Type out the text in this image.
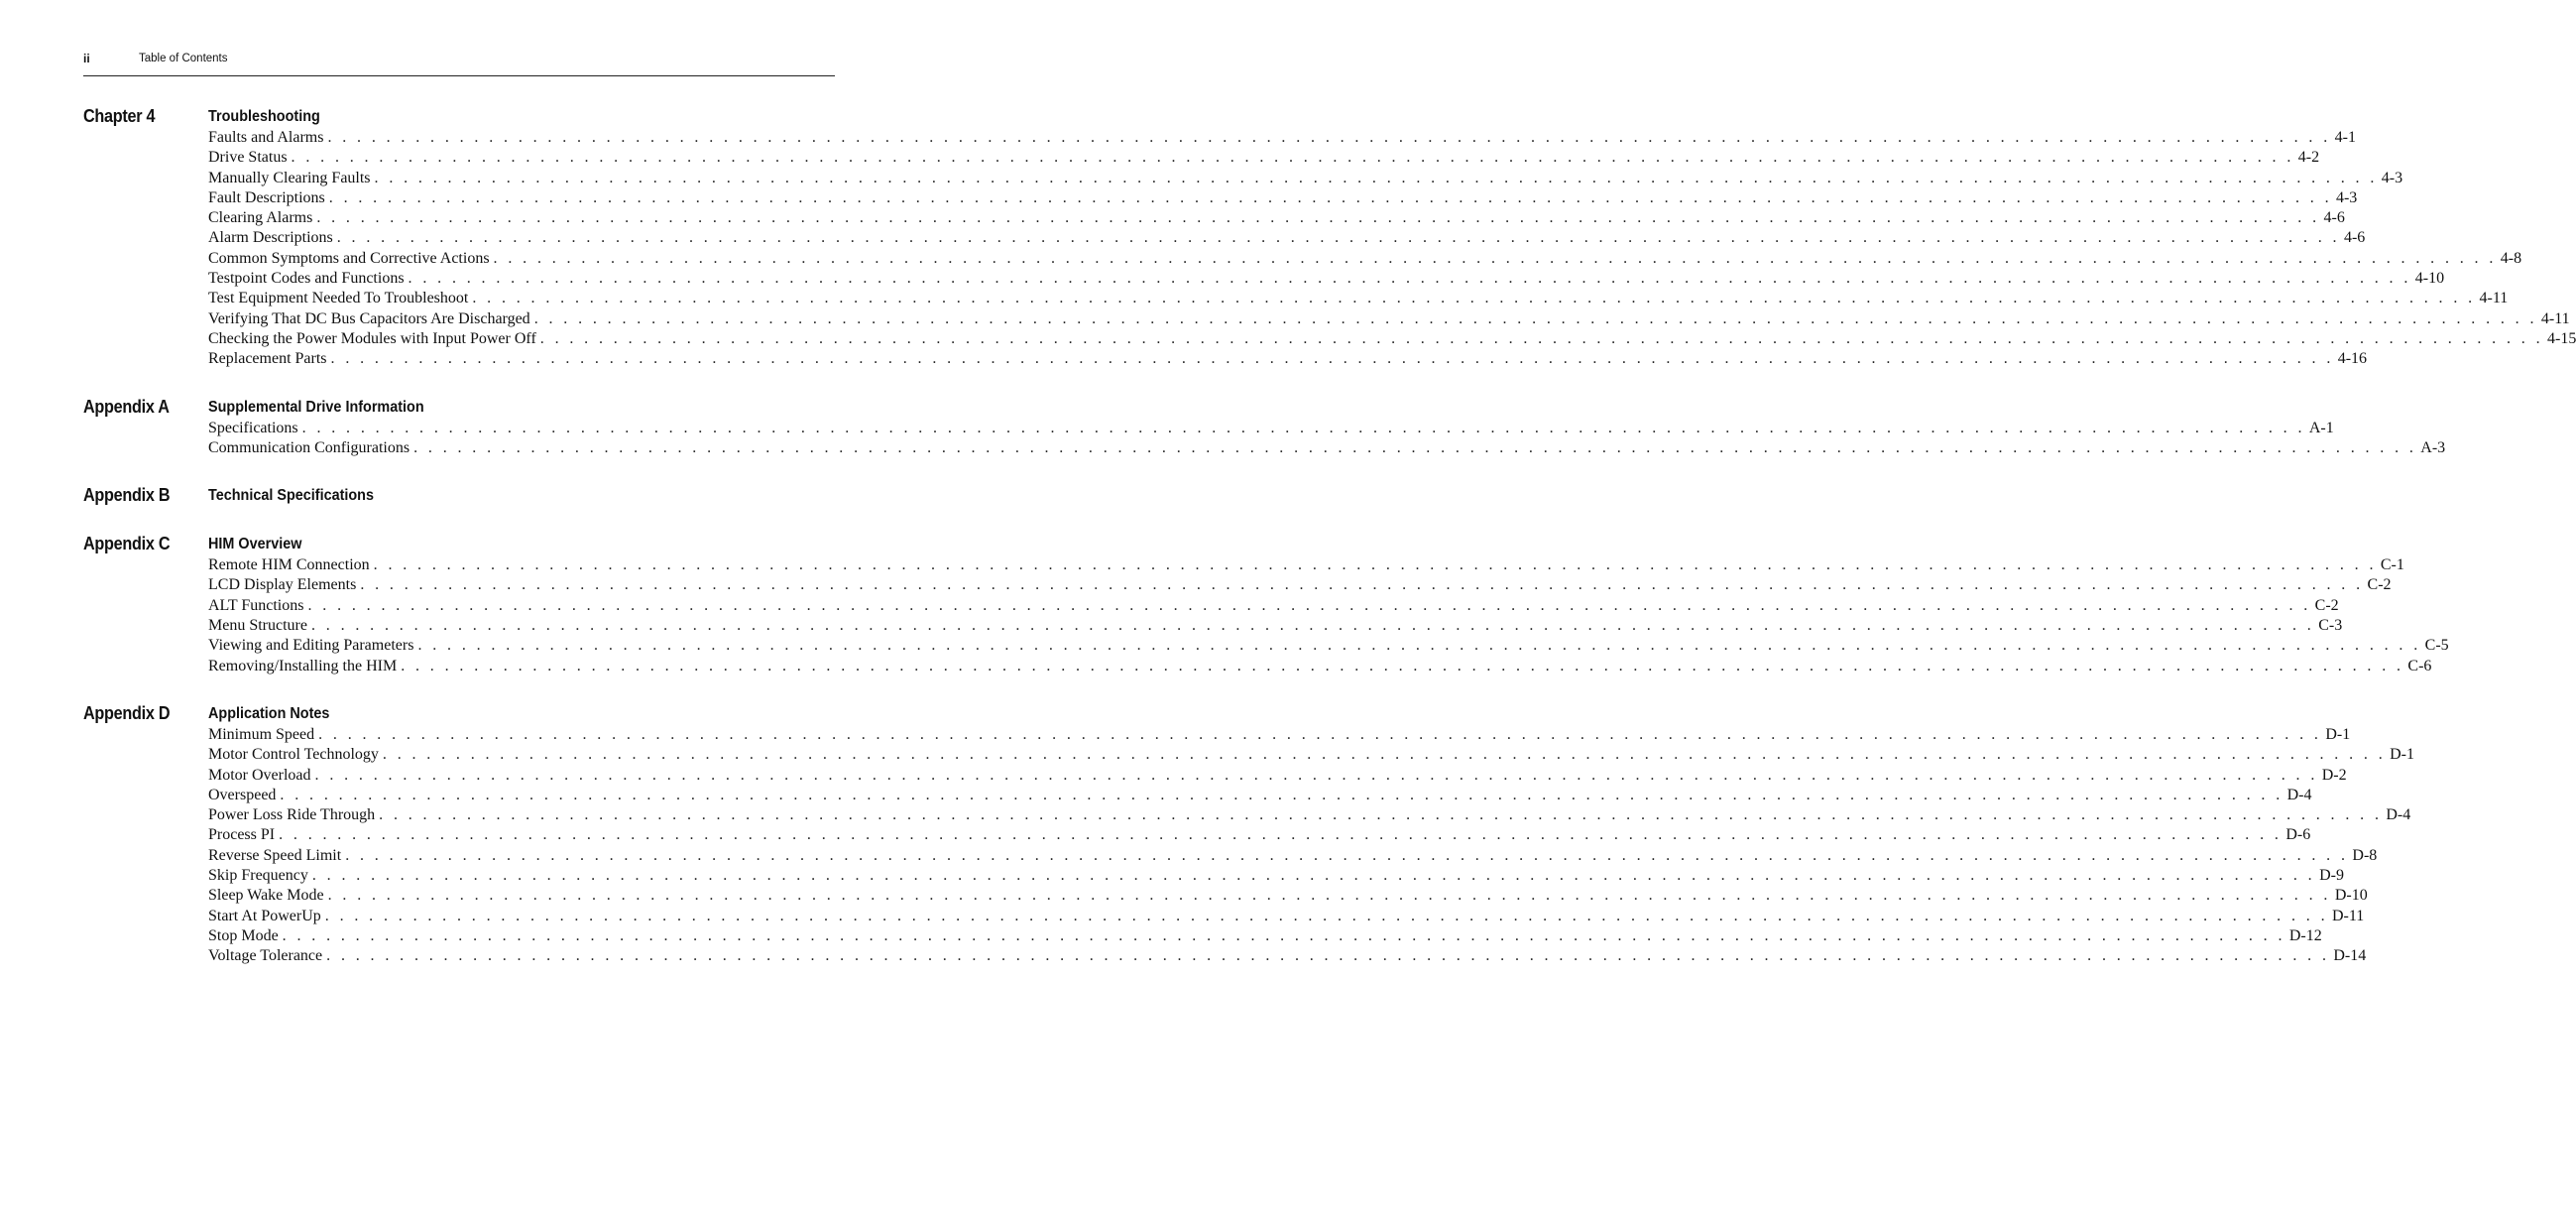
ii	Table of Contents
Chapter 4	Troubleshooting
Faults and Alarms . . . . . . . . . . . . . . . . . . . . . . . . . . . . . . . . . . . . . . . . . . . . . . . . . . . . . . . . . . . . . . . . . . . . . . . . . . . . . . . . . . . . . . . . . . . . . . . . . . . . . . . . . . . . . . . . . . . . . . . . . . . . . . . . . . . . . . . . . 4-1
Drive Status . . . . . . . . . . . . . . . . . . . . . . . . . . . . . . . . . . . . . . . . . . . . . . . . . . . . . . . . . . . . . . . . . . . . . . . . . . . . . . . . . . . . . . . . . . . . . . . . . . . . . . . . . . . . . . . . . . . . . . . . . . . . . . . . . . . . . . . . . 4-2
Manually Clearing Faults . . . . . . . . . . . . . . . . . . . . . . . . . . . . . . . . . . . . . . . . . . . . . . . . . . . . . . . . . . . . . . . . . . . . . . . . . . . . . . . . . . . . . . . . . . . . . . . . . . . . . . . . . . . . . . . . . . . . . . . . . . . . . . . . . . . . . . . . . 4-3
Fault Descriptions . . . . . . . . . . . . . . . . . . . . . . . . . . . . . . . . . . . . . . . . . . . . . . . . . . . . . . . . . . . . . . . . . . . . . . . . . . . . . . . . . . . . . . . . . . . . . . . . . . . . . . . . . . . . . . . . . . . . . . . . . . . . . . . . . . . . . . . . . 4-3
Clearing Alarms . . . . . . . . . . . . . . . . . . . . . . . . . . . . . . . . . . . . . . . . . . . . . . . . . . . . . . . . . . . . . . . . . . . . . . . . . . . . . . . . . . . . . . . . . . . . . . . . . . . . . . . . . . . . . . . . . . . . . . . . . . . . . . . . . . . . . . . . . 4-6
Alarm Descriptions . . . . . . . . . . . . . . . . . . . . . . . . . . . . . . . . . . . . . . . . . . . . . . . . . . . . . . . . . . . . . . . . . . . . . . . . . . . . . . . . . . . . . . . . . . . . . . . . . . . . . . . . . . . . . . . . . . . . . . . . . . . . . . . . . . . . . . . . . 4-6
Common Symptoms and Corrective Actions . . . . . . . . . . . . . . . . . . . . . . . . . . . . . . . . . . . . . . . . . . . . . . . . . . . . . . . . . . . . . . . . . . . . . . . . . . . . . . . . . . . . . . . . . . . . . . . . . . . . . . . . . . . . . . . . . . . . . . . . . . . . . . . . . . . . . . . . . 4-8
Testpoint Codes and Functions . . . . . . . . . . . . . . . . . . . . . . . . . . . . . . . . . . . . . . . . . . . . . . . . . . . . . . . . . . . . . . . . . . . . . . . . . . . . . . . . . . . . . . . . . . . . . . . . . . . . . . . . . . . . . . . . . . . . . . . . . . . . . . . . . . . . . . . . . 4-10
Test Equipment Needed To Troubleshoot . . . . . . . . . . . . . . . . . . . . . . . . . . . . . . . . . . . . . . . . . . . . . . . . . . . . . . . . . . . . . . . . . . . . . . . . . . . . . . . . . . . . . . . . . . . . . . . . . . . . . . . . . . . . . . . . . . . . . . . . . . . . . . . . . . . . . . . . . 4-11
Verifying That DC Bus Capacitors Are Discharged . . . . . . . . . . . . . . . . . . . . . . . . . . . . . . . . . . . . . . . . . . . . . . . . . . . . . . . . . . . . . . . . . . . . . . . . . . . . . . . . . . . . . . . . . . . . . . . . . . . . . . . . . . . . . . . . . . . . . . . . . . . . . . . . . . . . . . . . . 4-11
Checking the Power Modules with Input Power Off . . . . . . . . . . . . . . . . . . . . . . . . . . . . . . . . . . . . . . . . . . . . . . . . . . . . . . . . . . . . . . . . . . . . . . . . . . . . . . . . . . . . . . . . . . . . . . . . . . . . . . . . . . . . . . . . . . . . . . . . . . . . . . . . . . . . . . . . . 4-15
Replacement Parts . . . . . . . . . . . . . . . . . . . . . . . . . . . . . . . . . . . . . . . . . . . . . . . . . . . . . . . . . . . . . . . . . . . . . . . . . . . . . . . . . . . . . . . . . . . . . . . . . . . . . . . . . . . . . . . . . . . . . . . . . . . . . . . . . . . . . . . . . 4-16
Appendix A	Supplemental Drive Information
Specifications . . . . . . . . . . . . . . . . . . . . . . . . . . . . . . . . . . . . . . . . . . . . . . . . . . . . . . . . . . . . . . . . . . . . . . . . . . . . . . . . . . . . . . . . . . . . . . . . . . . . . . . . . . . . . . . . . . . . . . . . . . . . . . . . . . . . . . . . . A-1
Communication Configurations . . . . . . . . . . . . . . . . . . . . . . . . . . . . . . . . . . . . . . . . . . . . . . . . . . . . . . . . . . . . . . . . . . . . . . . . . . . . . . . . . . . . . . . . . . . . . . . . . . . . . . . . . . . . . . . . . . . . . . . . . . . . . . . . . . . . . . . . . A-3
Appendix B	Technical Specifications
Appendix C	HIM Overview
Remote HIM Connection . . . . . . . . . . . . . . . . . . . . . . . . . . . . . . . . . . . . . . . . . . . . . . . . . . . . . . . . . . . . . . . . . . . . . . . . . . . . . . . . . . . . . . . . . . . . . . . . . . . . . . . . . . . . . . . . . . . . . . . . . . . . . . . . . . . . . . . . . C-1
LCD Display Elements . . . . . . . . . . . . . . . . . . . . . . . . . . . . . . . . . . . . . . . . . . . . . . . . . . . . . . . . . . . . . . . . . . . . . . . . . . . . . . . . . . . . . . . . . . . . . . . . . . . . . . . . . . . . . . . . . . . . . . . . . . . . . . . . . . . . . . . . . C-2
ALT Functions . . . . . . . . . . . . . . . . . . . . . . . . . . . . . . . . . . . . . . . . . . . . . . . . . . . . . . . . . . . . . . . . . . . . . . . . . . . . . . . . . . . . . . . . . . . . . . . . . . . . . . . . . . . . . . . . . . . . . . . . . . . . . . . . . . . . . . . . . C-2
Menu Structure . . . . . . . . . . . . . . . . . . . . . . . . . . . . . . . . . . . . . . . . . . . . . . . . . . . . . . . . . . . . . . . . . . . . . . . . . . . . . . . . . . . . . . . . . . . . . . . . . . . . . . . . . . . . . . . . . . . . . . . . . . . . . . . . . . . . . . . . . C-3
Viewing and Editing Parameters . . . . . . . . . . . . . . . . . . . . . . . . . . . . . . . . . . . . . . . . . . . . . . . . . . . . . . . . . . . . . . . . . . . . . . . . . . . . . . . . . . . . . . . . . . . . . . . . . . . . . . . . . . . . . . . . . . . . . . . . . . . . . . . . . . . . . . . . . C-5
Removing/Installing the HIM . . . . . . . . . . . . . . . . . . . . . . . . . . . . . . . . . . . . . . . . . . . . . . . . . . . . . . . . . . . . . . . . . . . . . . . . . . . . . . . . . . . . . . . . . . . . . . . . . . . . . . . . . . . . . . . . . . . . . . . . . . . . . . . . . . . . . . . . . C-6
Appendix D	Application Notes
Minimum Speed . . . . . . . . . . . . . . . . . . . . . . . . . . . . . . . . . . . . . . . . . . . . . . . . . . . . . . . . . . . . . . . . . . . . . . . . . . . . . . . . . . . . . . . . . . . . . . . . . . . . . . . . . . . . . . . . . . . . . . . . . . . . . . . . . . . . . . . . . D-1
Motor Control Technology . . . . . . . . . . . . . . . . . . . . . . . . . . . . . . . . . . . . . . . . . . . . . . . . . . . . . . . . . . . . . . . . . . . . . . . . . . . . . . . . . . . . . . . . . . . . . . . . . . . . . . . . . . . . . . . . . . . . . . . . . . . . . . . . . . . . . . . . . D-1
Motor Overload . . . . . . . . . . . . . . . . . . . . . . . . . . . . . . . . . . . . . . . . . . . . . . . . . . . . . . . . . . . . . . . . . . . . . . . . . . . . . . . . . . . . . . . . . . . . . . . . . . . . . . . . . . . . . . . . . . . . . . . . . . . . . . . . . . . . . . . . . D-2
Overspeed . . . . . . . . . . . . . . . . . . . . . . . . . . . . . . . . . . . . . . . . . . . . . . . . . . . . . . . . . . . . . . . . . . . . . . . . . . . . . . . . . . . . . . . . . . . . . . . . . . . . . . . . . . . . . . . . . . . . . . . . . . . . . . . . . . . . . . . . . D-4
Power Loss Ride Through . . . . . . . . . . . . . . . . . . . . . . . . . . . . . . . . . . . . . . . . . . . . . . . . . . . . . . . . . . . . . . . . . . . . . . . . . . . . . . . . . . . . . . . . . . . . . . . . . . . . . . . . . . . . . . . . . . . . . . . . . . . . . . . . . . . . . . . . . D-4
Process PI . . . . . . . . . . . . . . . . . . . . . . . . . . . . . . . . . . . . . . . . . . . . . . . . . . . . . . . . . . . . . . . . . . . . . . . . . . . . . . . . . . . . . . . . . . . . . . . . . . . . . . . . . . . . . . . . . . . . . . . . . . . . . . . . . . . . . . . . . D-6
Reverse Speed Limit . . . . . . . . . . . . . . . . . . . . . . . . . . . . . . . . . . . . . . . . . . . . . . . . . . . . . . . . . . . . . . . . . . . . . . . . . . . . . . . . . . . . . . . . . . . . . . . . . . . . . . . . . . . . . . . . . . . . . . . . . . . . . . . . . . . . . . . . . D-8
Skip Frequency . . . . . . . . . . . . . . . . . . . . . . . . . . . . . . . . . . . . . . . . . . . . . . . . . . . . . . . . . . . . . . . . . . . . . . . . . . . . . . . . . . . . . . . . . . . . . . . . . . . . . . . . . . . . . . . . . . . . . . . . . . . . . . . . . . . . . . . . . D-9
Sleep Wake Mode . . . . . . . . . . . . . . . . . . . . . . . . . . . . . . . . . . . . . . . . . . . . . . . . . . . . . . . . . . . . . . . . . . . . . . . . . . . . . . . . . . . . . . . . . . . . . . . . . . . . . . . . . . . . . . . . . . . . . . . . . . . . . . . . . . . . . . . . . D-10
Start At PowerUp . . . . . . . . . . . . . . . . . . . . . . . . . . . . . . . . . . . . . . . . . . . . . . . . . . . . . . . . . . . . . . . . . . . . . . . . . . . . . . . . . . . . . . . . . . . . . . . . . . . . . . . . . . . . . . . . . . . . . . . . . . . . . . . . . . . . . . . . . D-11
Stop Mode . . . . . . . . . . . . . . . . . . . . . . . . . . . . . . . . . . . . . . . . . . . . . . . . . . . . . . . . . . . . . . . . . . . . . . . . . . . . . . . . . . . . . . . . . . . . . . . . . . . . . . . . . . . . . . . . . . . . . . . . . . . . . . . . . . . . . . . . . D-12
Voltage Tolerance . . . . . . . . . . . . . . . . . . . . . . . . . . . . . . . . . . . . . . . . . . . . . . . . . . . . . . . . . . . . . . . . . . . . . . . . . . . . . . . . . . . . . . . . . . . . . . . . . . . . . . . . . . . . . . . . . . . . . . . . . . . . . . . . . . . . . . . . . D-14
